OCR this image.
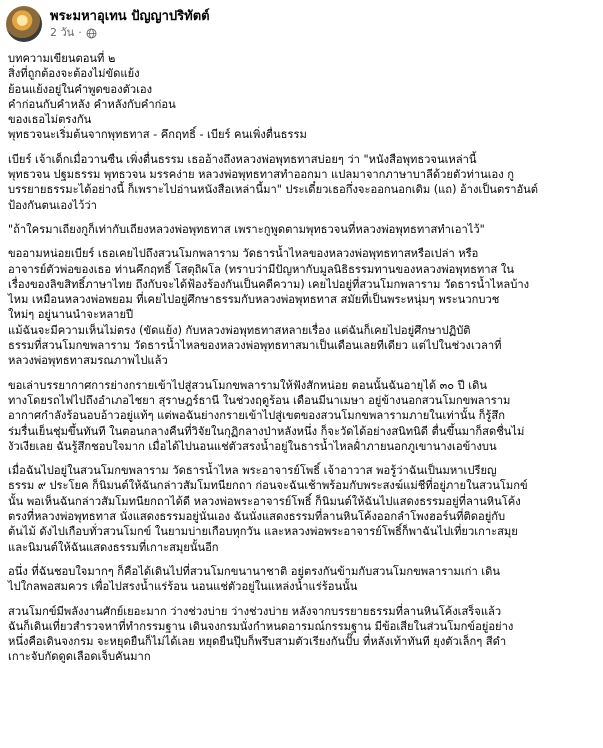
พระมหาอุเทน ปัญญาปริทัตต์
2 วัน ·
บทความเขียนตอนที่ ๒
สิ่งที่ถูกต้องจะต้องไม่ขัดแย้ง
ย้อนแย้งอยู่ในคำพูดของตัวเอง
คำก่อนกับคำหลัง คำหลังกับคำก่อน
ของเธอไม่ตรงกัน
พุทธวจนะเริ่มต้นจากพุทธทาส - คึกฤทธิ์ - เบียร์ คนเพิ่งตื่นธรรม
เบียร์ เจ้าเด็กเมื่อวานซืน เพิ่งตื่นธรรม เธออ้างถึงหลวงพ่อพุทธทาสบ่อยๆ ว่า "หนังสือพุทธวจนเหล่านี้
พุทธวจน ปฐมธรรม พุทธวจน มรรคง่าย หลวงพ่อพุทธทาสทำออกมา แปลมาจากภาษาบาลีด้วยตัวท่านเอง กู
บรรยายธรรมะได้อย่างนี้ ก็เพราะไปอ่านหนังสือเหล่านี้มา" ประเดี๋ยวเธอกึ่งจะออกนอกเดิม (แถ) อ้างเป็นตราอันต์
ป้องกันตนเองไว้ว่า
"ถ้าใครมาเถียงกูก็เท่ากับเถียงหลวงพ่อพุทธทาส เพราะกูพูดตามพุทธวจนที่หลวงพ่อพุทธทาสทำเอาไว้"
ขออามหน่อยเบียร์ เธอเคยไปถึงสวนโมกพลาราม วัดธารน้ำไหลของหลวงพ่อพุทธทาสหรือเปล่า หรือ
อาจารย์ตัวพ่อของเธอ ท่านคึกฤทธิ์ โสตุถิผโล (ทราบว่ามีปัญหากับมูลนิธิธรรมทานของหลวงพ่อพุทธทาส ใน
เรื่องของลิขสิทธิ์ภาษาไทย ถึงกับจะได้ฟ้องร้องกันเป็นคดีความ) เคยไปอยู่ที่สวนโมกพลาราม วัดธารน้ำไหลบ้าง
ไหม เหมือนหลวงพ่อพยอม ที่เคยไปอยู่ศึกษาธรรมกับหลวงพ่อพุทธทาส สมัยที่เป็นพระหนุ่มๆ พระนวกบวช
ใหม่ๆ อยู่นานนำจะหลายปี
แม้ฉันจะมีความเห็นไม่ตรง (ขัดแย้ง) กับหลวงพ่อพุทธทาสหลายเรื่อง แต่ฉันก็เคยไปอยู่ศึกษาปฏิบัติ
ธรรมที่สวนโมกขพลาราม วัดธารน้ำไหลของหลวงพ่อพุทธทาสมาเป็นเดือนเลยทีเดียว แต่ไปในช่วงเวลาที่
หลวงพ่อพุทธทาสมรณภาพไปแล้ว
ขอเล่าบรรยากาศการย่างกรายเข้าไปสู่สวนโมกขพลารามให้ฟังสักหน่อย ตอนนั้นฉันอายุได้ ๓๐ ปี เดิน
ทางโดยรถไฟไปถึงอำเภอไชยา สุราษฎร์ธานี ในช่วงฤดูร้อน เดือนมีนาเมษา อยู่ข้างนอกสวนโมกขพลาราม
อากาศกำลังร้อนอบอ้าวอยู่แท้ๆ แต่พอฉันย่างกรายเข้าไปสู่เขตของสวนโมกขพลารามภายในเท่านั้น ก็รู้สึก
ร่มรื่นเย็นชุ่มขึ้นทันที ในตอนกลางคืนที่วิจัยในกุฏิกลางป่าหลังหนึ่ง ก็จะวัดได้อย่างสนิทนิดี ตื่นขึ้นมาก็สดชื่นไม่
งัวเงียเลย ฉันรู้สึกชอบใจมาก เมื่อได้ไปนอนแช่ตัวสรงน้ำอยู่ในธารน้ำไหลฝ่ำภายนอกภูเขานางเอข้างบน
เมื่อฉันไปอยู่ในสวนโมกขพลาราม วัดธารน้ำไหล พระอาจารย์โพธิ์ เจ้าอาวาส พอรู้ว่าฉันเป็นมหาเปรียญ
ธรรม ๙ ประโยค ก็นิมนต์ให้ฉันกล่าวสัมโมทนียกถา ก่อนจะฉันเช้าพร้อมกับพระสงฆ์แม่ชีที่อยู่ภายในสวนโมกข์
นั้น พอเห็นฉันกล่าวสัมโมทนียกถาได้ดี หลวงพ่อพระอาจารย์โพธิ์ ก็นิมนต์ให้ฉันไปแสดงธรรมอยู่ที่ลานหินโค้ง
ตรงที่หลวงพ่อพุทธทาส นั่งแสดงธรรมอยู่นั่นเอง ฉันนั่งแสดงธรรมที่ลานหินโค้งออกลำโพงฮอร์นที่ติดอยู่กับ
ต้นไม้ ดังไปเกือบทั่วสวนโมกข์ ในยามบ่ายเกือบทุกวัน และหลวงพ่อพระอาจารย์โพธิ์ก็พาฉันไปเที่ยวเกาะสมุย
และนิมนต์ให้ฉันแสดงธรรมที่เกาะสมุยนั้นอีก
อนึ่ง ที่ฉันชอบใจมากๆ ก็คือได้เดินไปที่สวนโมกขนานาชาติ อยู่ตรงกันข้ามกับสวนโมกขพลารามเก่า เดิน
ไปใกลพอสมควร เพื่อไปสรงน้ำแร่ร้อน นอนแช่ตัวอยู่ในแหล่งน้ำแร่ร้อนนั้น
สวนโมกข์มีพลังงานศักย์เยอะมาก ว่างช่วงบ่าย ว่างช่วงบ่าย หลังจากบรรยายธรรมที่ลานหินโค้งเสร็จแล้ว
ฉันก็เดินเที่ยวสำรวจหาที่ทำกรรมฐาน เดินจงกรมนั่งกำหนดอารมณ์กรรมฐาน มีข้อเสียในส่วนโมกข์อยู่อย่าง
หนึ่งคือเดินจงกรม จะหยุดยืนก็ไม่ได้เลย หยุดยืนปุ๊บก็พรึบสามตัวเรียงกันปั๊บ ที่หลังเท้าทันที ยุงตัวเล็กๆ สีดำ
เกาะจับกัดดูดเลือดเจ็บคันมาก
